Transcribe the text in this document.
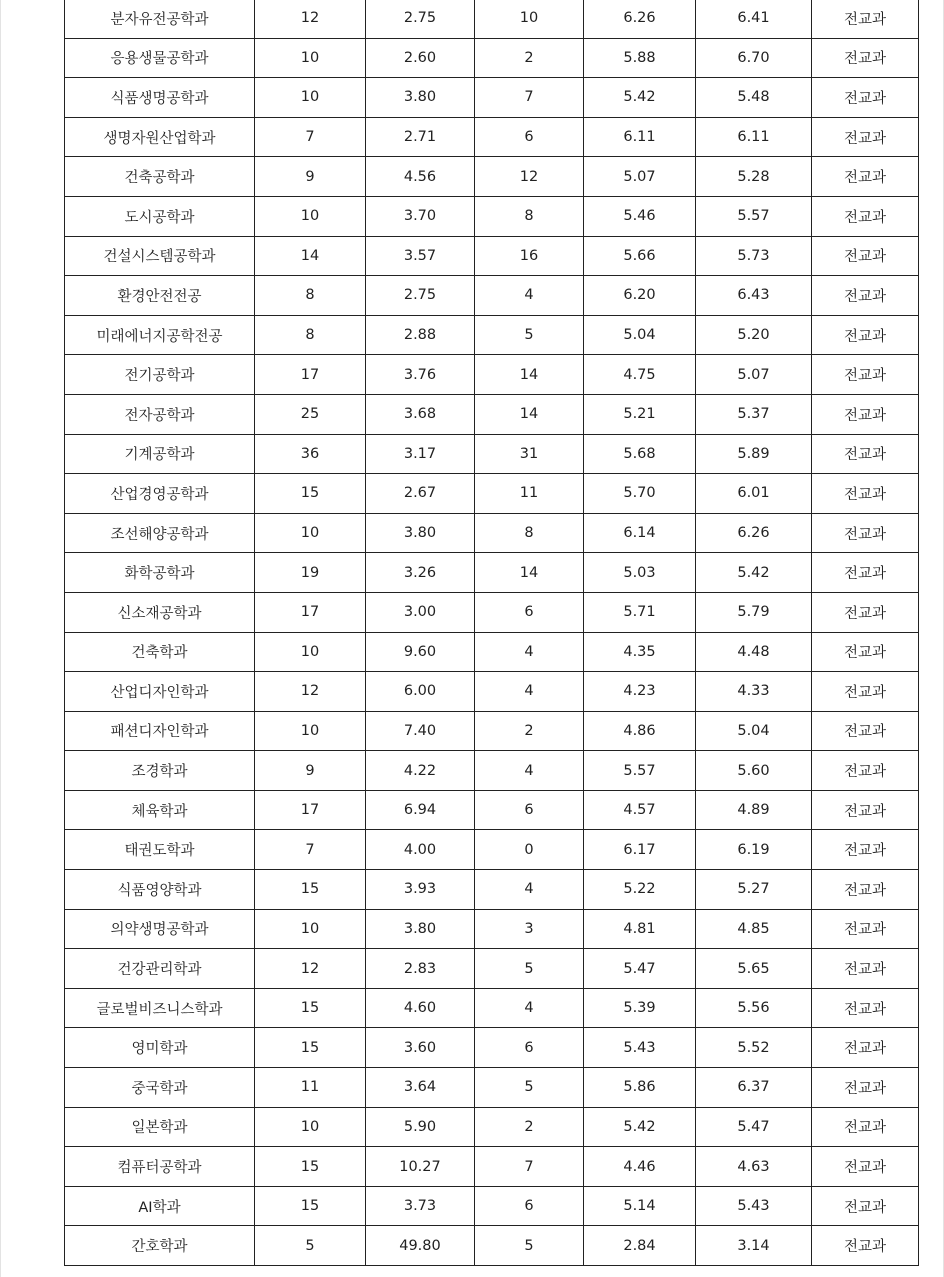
분자유전공학과	12	2.75	10	6.26	6.41	전교과
응용생물공학과	10	2.60	2	5.88	6.70	전교과
식품생명공학과	10	3.80	7	5.42	5.48	전교과
생명자원산업학과	7	2.71	6	6.11	6.11	전교과
건축공학과	9	4.56	12	5.07	5.28	전교과
도시공학과	10	3.70	8	5.46	5.57	전교과
건설시스템공학과	14	3.57	16	5.66	5.73	전교과
환경안전전공	8	2.75	4	6.20	6.43	전교과
미래에너지공학전공	8	2.88	5	5.04	5.20	전교과
전기공학과	17	3.76	14	4.75	5.07	전교과
전자공학과	25	3.68	14	5.21	5.37	전교과
기계공학과	36	3.17	31	5.68	5.89	전교과
산업경영공학과	15	2.67	11	5.70	6.01	전교과
조선해양공학과	10	3.80	8	6.14	6.26	전교과
화학공학과	19	3.26	14	5.03	5.42	전교과
신소재공학과	17	3.00	6	5.71	5.79	전교과
건축학과	10	9.60	4	4.35	4.48	전교과
산업디자인학과	12	6.00	4	4.23	4.33	전교과
패션디자인학과	10	7.40	2	4.86	5.04	전교과
조경학과	9	4.22	4	5.57	5.60	전교과
체육학과	17	6.94	6	4.57	4.89	전교과
태권도학과	7	4.00	0	6.17	6.19	전교과
식품영양학과	15	3.93	4	5.22	5.27	전교과
의약생명공학과	10	3.80	3	4.81	4.85	전교과
건강관리학과	12	2.83	5	5.47	5.65	전교과
글로벌비즈니스학과	15	4.60	4	5.39	5.56	전교과
영미학과	15	3.60	6	5.43	5.52	전교과
중국학과	11	3.64	5	5.86	6.37	전교과
일본학과	10	5.90	2	5.42	5.47	전교과
컴퓨터공학과	15	10.27	7	4.46	4.63	전교과
AI학과	15	3.73	6	5.14	5.43	전교과
간호학과	5	49.80	5	2.84	3.14	전교과
